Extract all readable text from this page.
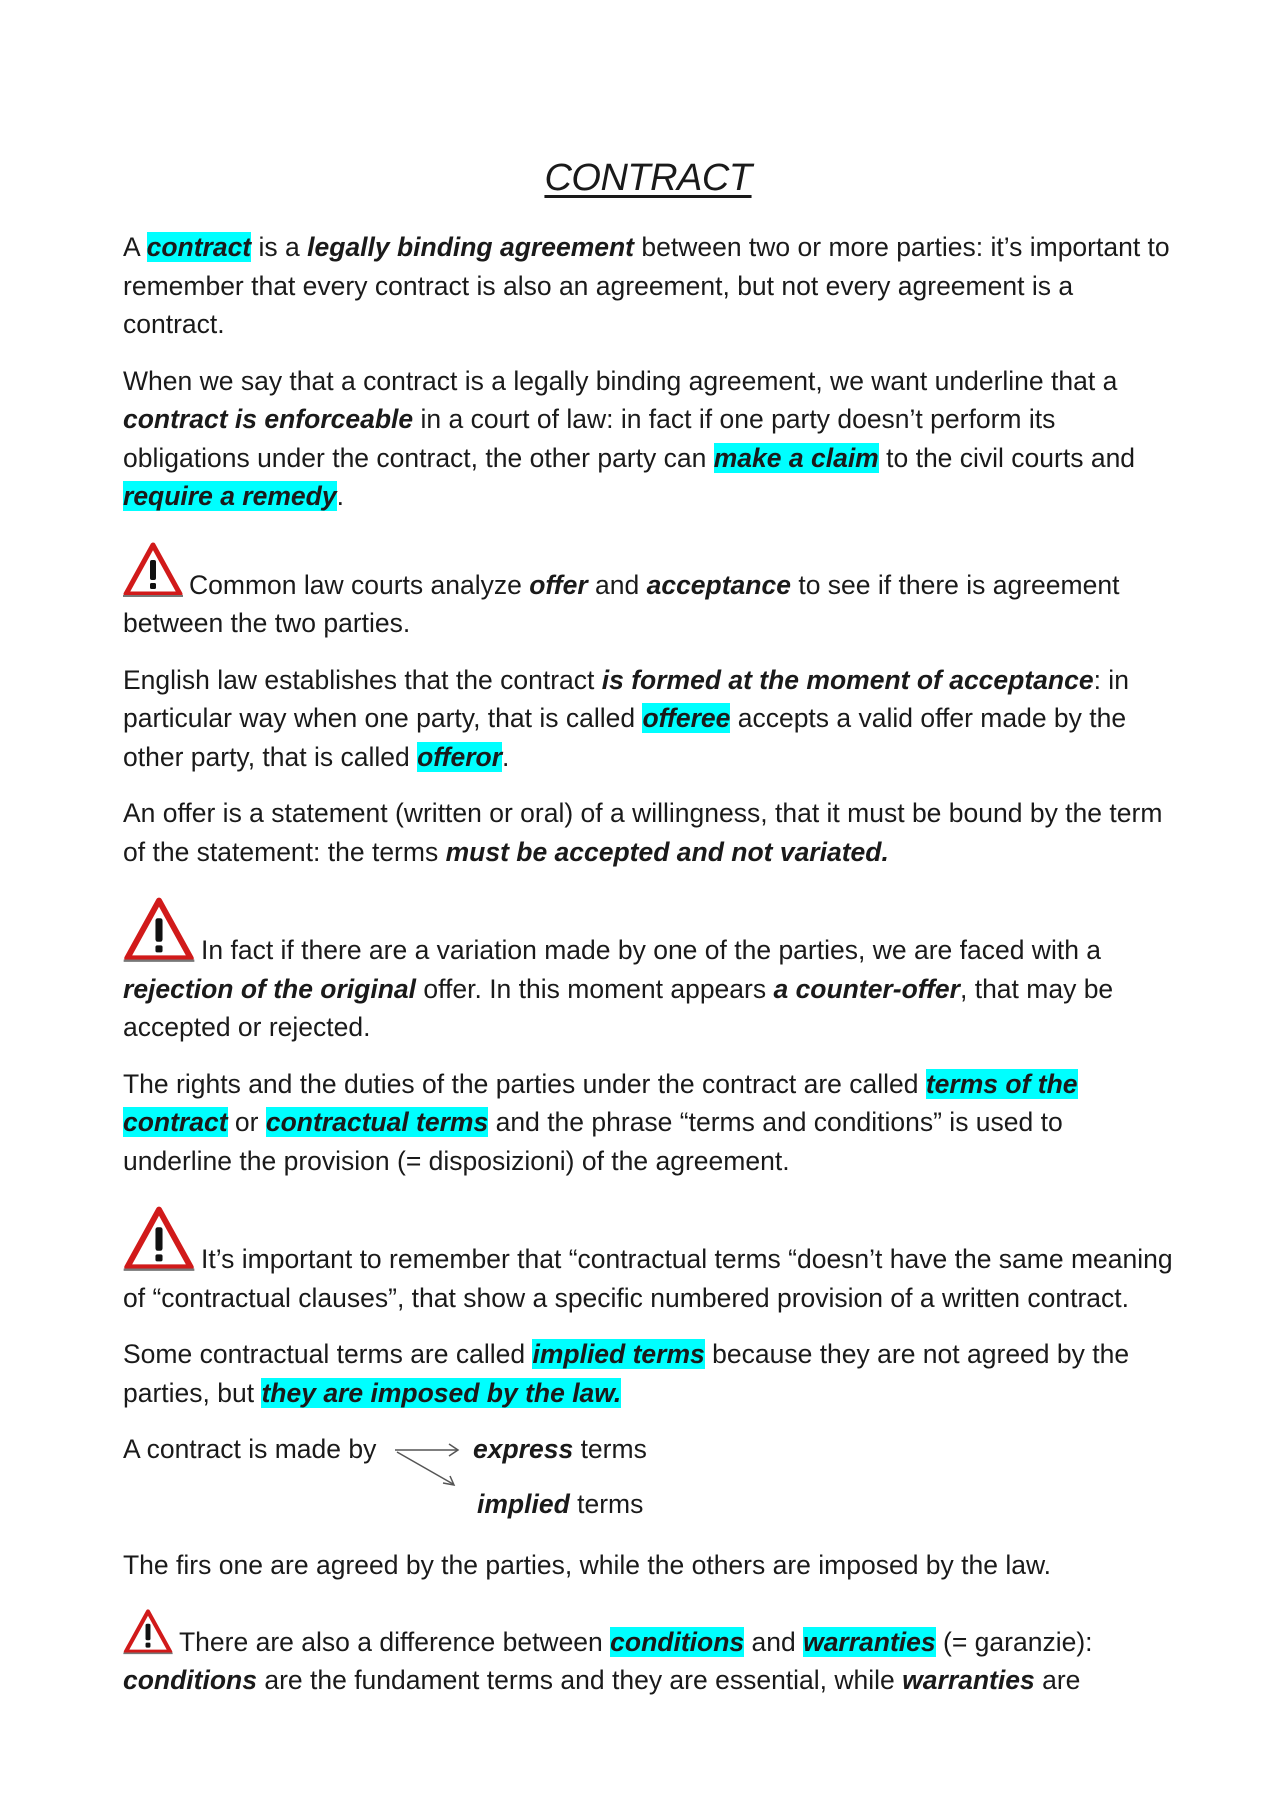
CONTRACT

A contract is a legally binding agreement between two or more parties: it’s important to remember that every contract is also an agreement, but not every agreement is a contract.

When we say that a contract is a legally binding agreement, we want underline that a contract is enforceable in a court of law: in fact if one party doesn’t perform its obligations under the contract, the other party can make a claim to the civil courts and require a remedy.

Common law courts analyze offer and acceptance to see if there is agreement between the two parties.

English law establishes that the contract is formed at the moment of acceptance: in particular way when one party, that is called offeree accepts a valid offer made by the other party, that is called offeror.

An offer is a statement (written or oral) of a willingness, that it must be bound by the term of the statement: the terms must be accepted and not variated.

In fact if there are a variation made by one of the parties, we are faced with a rejection of the original offer. In this moment appears a counter-offer, that may be accepted or rejected.

The rights and the duties of the parties under the contract are called terms of the contract or contractual terms and the phrase “terms and conditions” is used to underline the provision (= disposizioni) of the agreement.

It’s important to remember that “contractual terms “doesn’t have the same meaning of “contractual clauses”, that show a specific numbered provision of a written contract.

Some contractual terms are called implied terms because they are not agreed by the parties, but they are imposed by the law.

A contract is made by	express terms
implied terms

The firs one are agreed by the parties, while the others are imposed by the law.

There are also a difference between conditions and warranties (= garanzie): conditions are the fundament terms and they are essential, while warranties are
